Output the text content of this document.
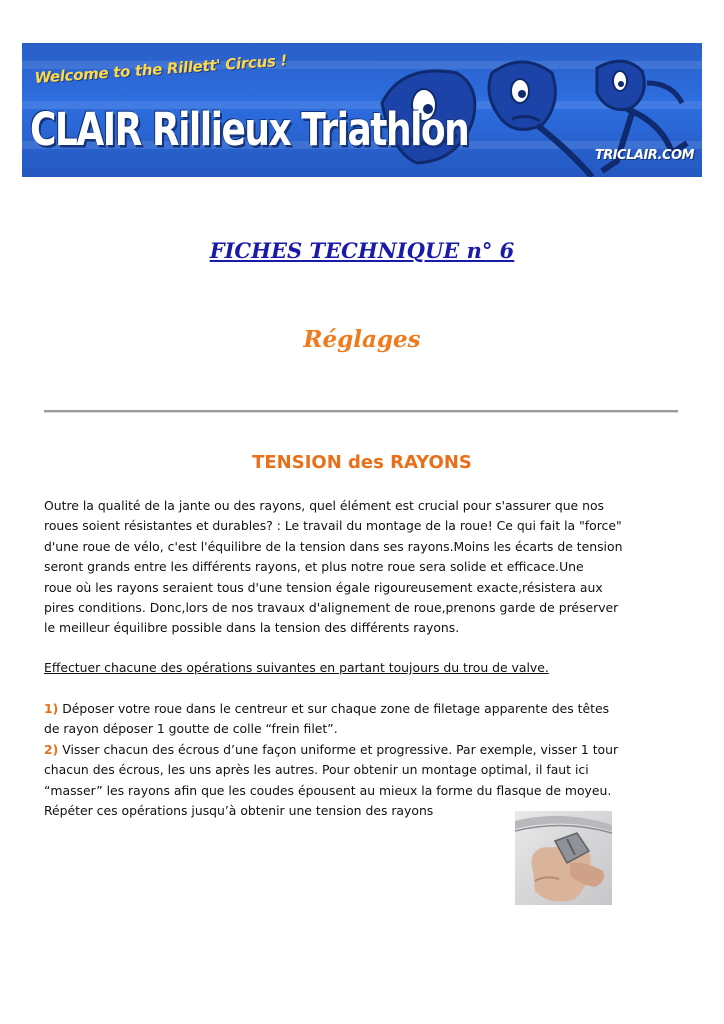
Welcome to the Rillett' Circus !
CLAIR Rillieux Triathlon	TRICLAIR.COM
FICHES TECHNIQUE n° 6
Réglages
TENSION des RAYONS
Outre la qualité de la jante ou des rayons, quel élément est crucial pour s'assurer que nos
roues soient résistantes et durables? : Le travail du montage de la roue! Ce qui fait la "force"
d'une roue de vélo, c'est l'équilibre de la tension dans ses rayons.Moins les écarts de tension
seront grands entre les différents rayons, et plus notre roue sera solide et efficace.Une
roue où les rayons seraient tous d'une tension égale rigoureusement exacte,résistera aux
pires conditions. Donc,lors de nos travaux d'alignement de roue,prenons garde de préserver
le meilleur équilibre possible dans la tension des différents rayons.
Effectuer chacune des opérations suivantes en partant toujours du trou de valve.
1) Déposer votre roue dans le centreur et sur chaque zone de filetage apparente des têtes
de rayon déposer 1 goutte de colle “frein filet”.
2) Visser chacun des écrous d’une façon uniforme et progressive. Par exemple, visser 1 tour
chacun des écrous, les uns après les autres. Pour obtenir un montage optimal, il faut ici
“masser” les rayons afin que les coudes épousent au mieux la forme du flasque de moyeu.
Répéter ces opérations jusqu’à obtenir une tension des rayons
